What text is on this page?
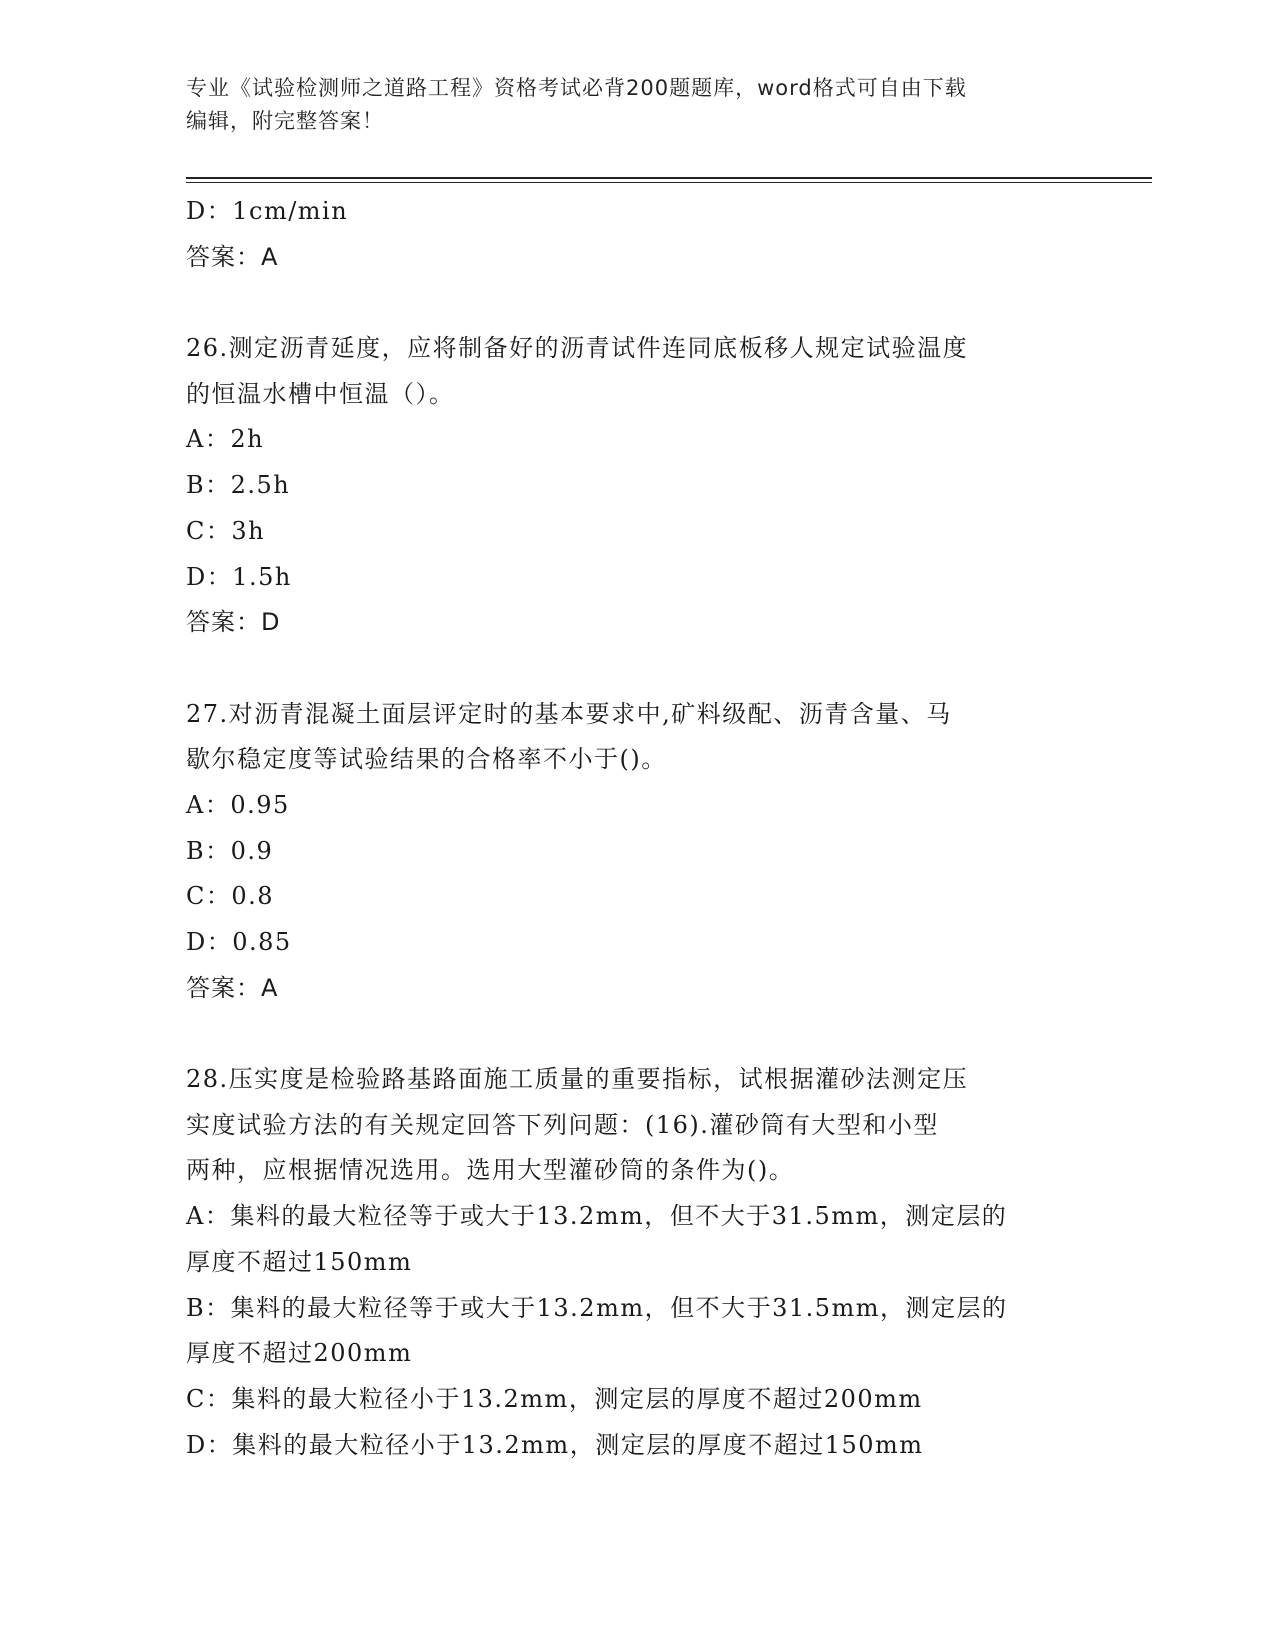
专业《试验检测师之道路工程》资格考试必背200题题库，word格式可自由下载
编辑，附完整答案！
D：1cm/min
答案：A
26.测定沥青延度，应将制备好的沥青试件连同底板移人规定试验温度
的恒温水槽中恒温（）。
A：2h
B：2.5h
C：3h
D：1.5h
答案：D
27.对沥青混凝土面层评定时的基本要求中,矿料级配、沥青含量、马
歇尔稳定度等试验结果的合格率不小于()。
A：0.95
B：0.9
C：0.8
D：0.85
答案：A
28.压实度是检验路基路面施工质量的重要指标，试根据灌砂法测定压
实度试验方法的有关规定回答下列问题：(16).灌砂筒有大型和小型
两种，应根据情况选用。选用大型灌砂筒的条件为()。
A：集料的最大粒径等于或大于13.2mm，但不大于31.5mm，测定层的
厚度不超过150mm
B：集料的最大粒径等于或大于13.2mm，但不大于31.5mm，测定层的
厚度不超过200mm
C：集料的最大粒径小于13.2mm，测定层的厚度不超过200mm
D：集料的最大粒径小于13.2mm，测定层的厚度不超过150mm
